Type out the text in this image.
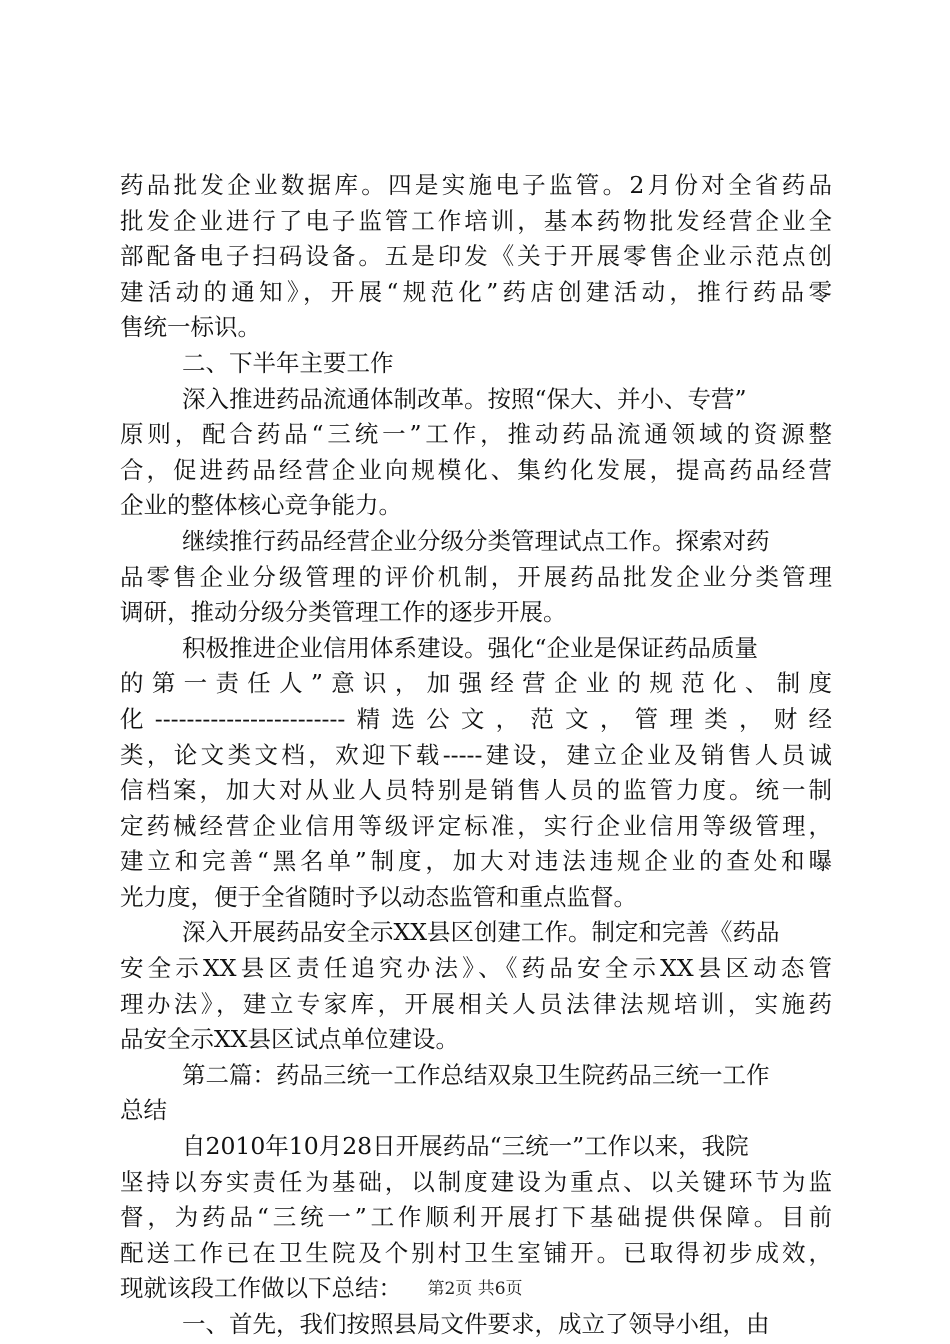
药品批发企业数据库。四是实施电子监管。2月份对全省药品
批发企业进行了电子监管工作培训，基本药物批发经营企业全
部配备电子扫码设备。五是印发《关于开展零售企业示范点创
建活动的通知》，开展“规范化”药店创建活动，推行药品零
售统一标识。
二、下半年主要工作
深入推进药品流通体制改革。按照“保大、并小、专营”
原则，配合药品“三统一”工作，推动药品流通领域的资源整
合，促进药品经营企业向规模化、集约化发展，提高药品经营
企业的整体核心竞争能力。
继续推行药品经营企业分级分类管理试点工作。探索对药
品零售企业分级管理的评价机制，开展药品批发企业分类管理
调研，推动分级分类管理工作的逐步开展。
积极推进企业信用体系建设。强化“企业是保证药品质量
的第一责任人”意识，加强经营企业的规范化、制度
化------------------------精选公文，范文，管理类，财经
类，论文类文档，欢迎下载-----建设，建立企业及销售人员诚
信档案，加大对从业人员特别是销售人员的监管力度。统一制
定药械经营企业信用等级评定标准，实行企业信用等级管理，
建立和完善“黑名单”制度，加大对违法违规企业的查处和曝
光力度，便于全省随时予以动态监管和重点监督。
深入开展药品安全示XX县区创建工作。制定和完善《药品
安全示XX县区责任追究办法》、《药品安全示XX县区动态管
理办法》，建立专家库，开展相关人员法律法规培训，实施药
品安全示XX县区试点单位建设。
第二篇：药品三统一工作总结双泉卫生院药品三统一工作
总结
自2010年10月28日开展药品“三统一”工作以来，我院
坚持以夯实责任为基础，以制度建设为重点、以关键环节为监
督，为药品“三统一”工作顺利开展打下基础提供保障。目前
配送工作已在卫生院及个别村卫生室铺开。已取得初步成效，
现就该段工作做以下总结：
一、首先，我们按照县局文件要求，成立了领导小组，由
第2页 共6页
